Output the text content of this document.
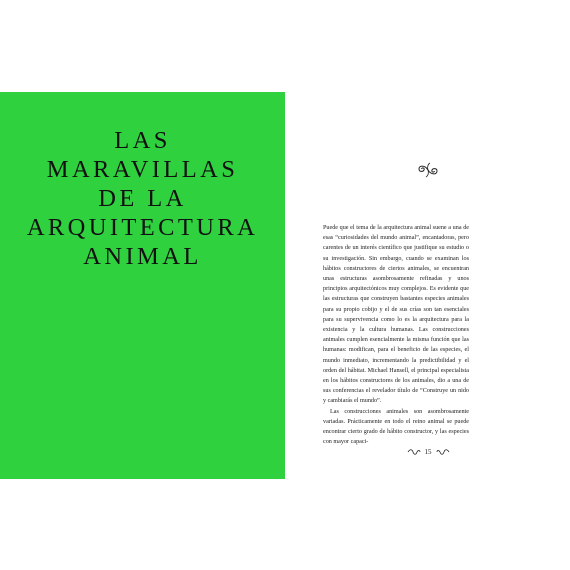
LAS
MARAVILLAS
DE LA
ARQUITECTURA
ANIMAL

Puede que el tema de la arquitectura animal suene a una de esas “curiosidades del mundo animal”, encantadoras, pero carentes de un interés científico que justifique su estudio o su investigación. Sin embargo, cuando se examinan los hábitos constructores de ciertos animales, se encuentran unas estructuras asombrosamente refinadas y unos principios arquitectónicos muy complejos. Es evidente que las estructuras que construyen bastantes especies animales para su propio cobijo y el de sus crías son tan esenciales para su supervivencia como lo es la arquitectura para la existencia y la cultura humanas. Las construcciones animales cumplen esencialmente la misma función que las humanas: modifican, para el beneficio de las especies, el mundo inmediato, incrementando la predictibilidad y el orden del hábitat. Michael Hansell, el principal especialista en los hábitos constructores de los animales, dio a una de sus conferencias el revelador título de “Construye un nido y cambiarás el mundo”.

Las construcciones animales son asombrosamente variadas. Prácticamente en todo el reino animal se puede encontrar cierto grado de hábito constructor, y las especies con mayor capaci-

15
